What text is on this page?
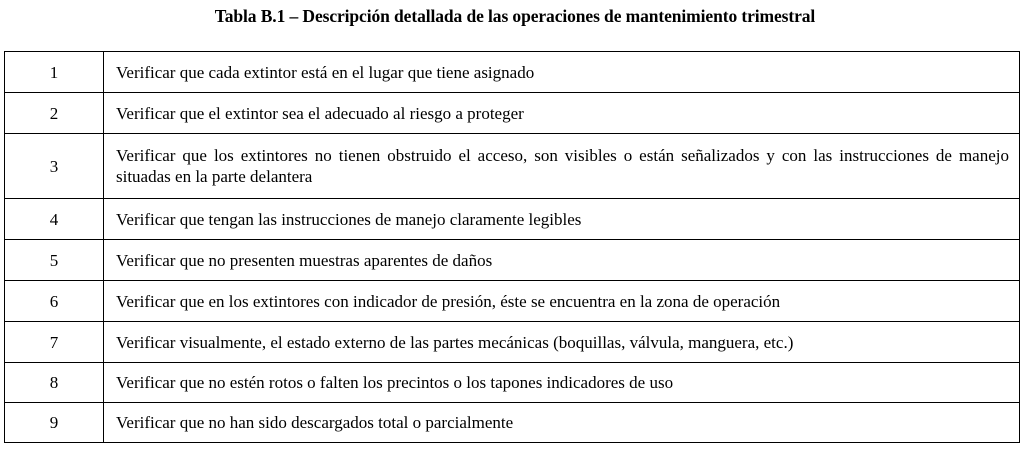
Tabla B.1 – Descripción detallada de las operaciones de mantenimiento trimestral
1	Verificar que cada extintor está en el lugar que tiene asignado
2	Verificar que el extintor sea el adecuado al riesgo a proteger
3	Verificar que los extintores no tienen obstruido el acceso, son visibles o están señalizados y con las instrucciones de manejo situadas en la parte delantera
4	Verificar que tengan las instrucciones de manejo claramente legibles
5	Verificar que no presenten muestras aparentes de daños
6	Verificar que en los extintores con indicador de presión, éste se encuentra en la zona de operación
7	Verificar visualmente, el estado externo de las partes mecánicas (boquillas, válvula, manguera, etc.)
8	Verificar que no estén rotos o falten los precintos o los tapones indicadores de uso
9	Verificar que no han sido descargados total o parcialmente
